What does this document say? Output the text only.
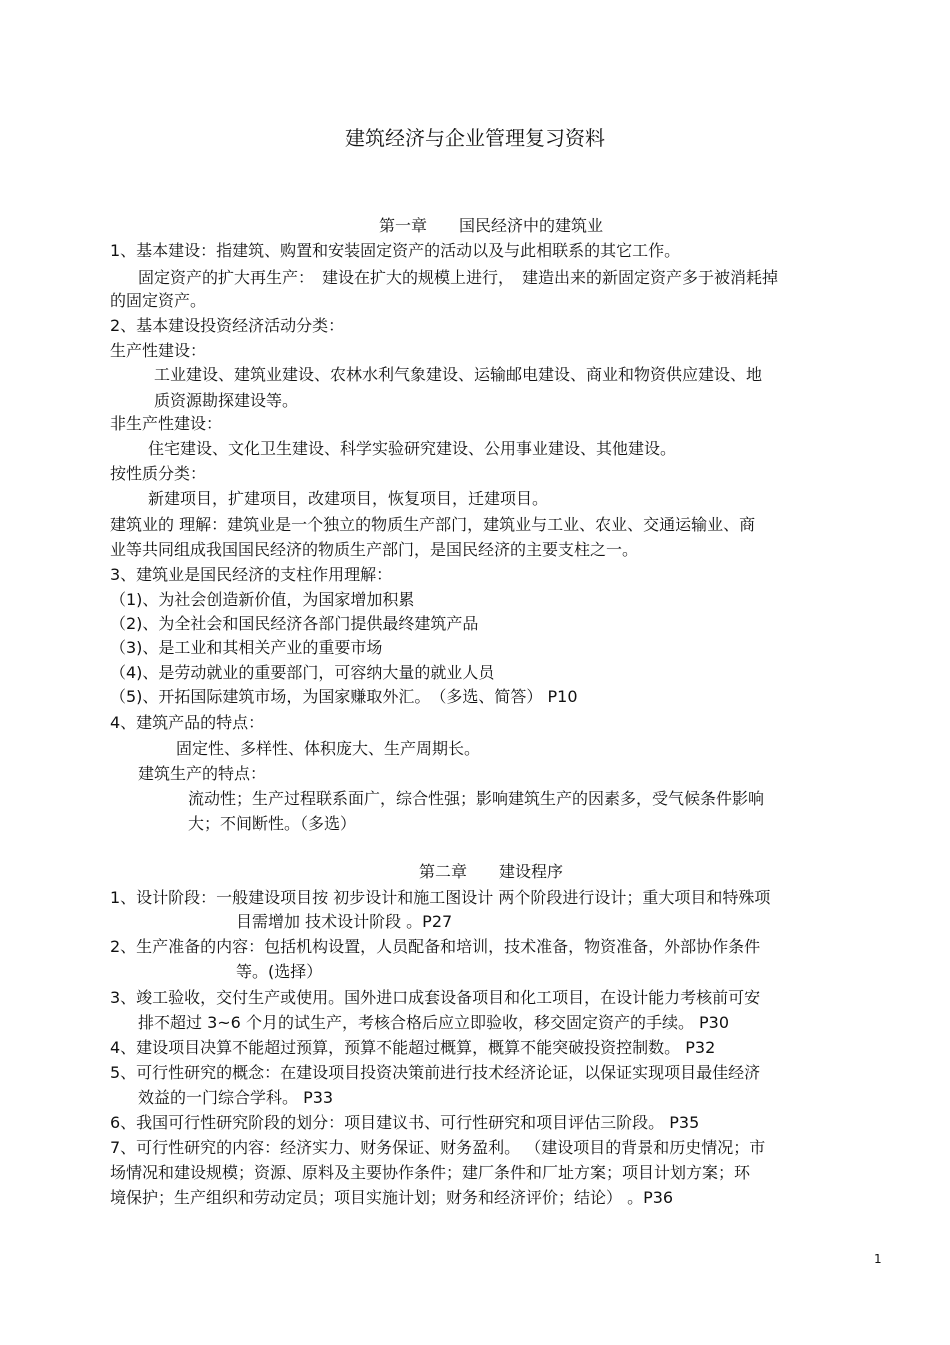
建筑经济与企业管理复习资料
第一章　　国民经济中的建筑业
1、基本建设：指建筑、购置和安装固定资产的活动以及与此相联系的其它工作。
固定资产的扩大再生产：　建设在扩大的规模上进行，　建造出来的新固定资产多于被消耗掉
的固定资产。
2、基本建设投资经济活动分类：
生产性建设：
工业建设、建筑业建设、农林水利气象建设、运输邮电建设、商业和物资供应建设、地
质资源勘探建设等。
非生产性建设：
住宅建设、文化卫生建设、科学实验研究建设、公用事业建设、其他建设。
按性质分类：
新建项目，扩建项目，改建项目，恢复项目，迁建项目。
建筑业的 理解：建筑业是一个独立的物质生产部门，建筑业与工业、农业、交通运输业、商
业等共同组成我国国民经济的物质生产部门，是国民经济的主要支柱之一。
3、建筑业是国民经济的支柱作用理解：
（1)、为社会创造新价值，为国家增加积累
（2)、为全社会和国民经济各部门提供最终建筑产品
（3)、是工业和其相关产业的重要市场
（4)、是劳动就业的重要部门，可容纳大量的就业人员
（5)、开拓国际建筑市场，为国家赚取外汇。　（多选、简答） P10
4、建筑产品的特点：
固定性、多样性、体积庞大、生产周期长。
建筑生产的特点：
流动性；生产过程联系面广，综合性强；影响建筑生产的因素多，受气候条件影响
大；不间断性。（多选）
第二章　　建设程序
1、设计阶段：一般建设项目按 初步设计和施工图设计 两个阶段进行设计；重大项目和特殊项
目需增加 技术设计阶段 。P27
2、生产准备的内容：包括机构设置，人员配备和培训，技术准备，物资准备，外部协作条件
等。(选择）
3、竣工验收，交付生产或使用。国外进口成套设备项目和化工项目，在设计能力考核前可安
排不超过 3~6 个月的试生产，考核合格后应立即验收，移交固定资产的手续。 P30
4、建设项目决算不能超过预算，预算不能超过概算，概算不能突破投资控制数。 P32
5、可行性研究的概念：在建设项目投资决策前进行技术经济论证，以保证实现项目最佳经济
效益的一门综合学科。 P33
6、我国可行性研究阶段的划分：项目建议书、可行性研究和项目评估三阶段。 P35
7、可行性研究的内容：经济实力、财务保证、财务盈利。 （建设项目的背景和历史情况；市
场情况和建设规模；资源、原料及主要协作条件；建厂条件和厂址方案；项目计划方案；环
境保护；生产组织和劳动定员；项目实施计划；财务和经济评价；结论） 。P36
1
